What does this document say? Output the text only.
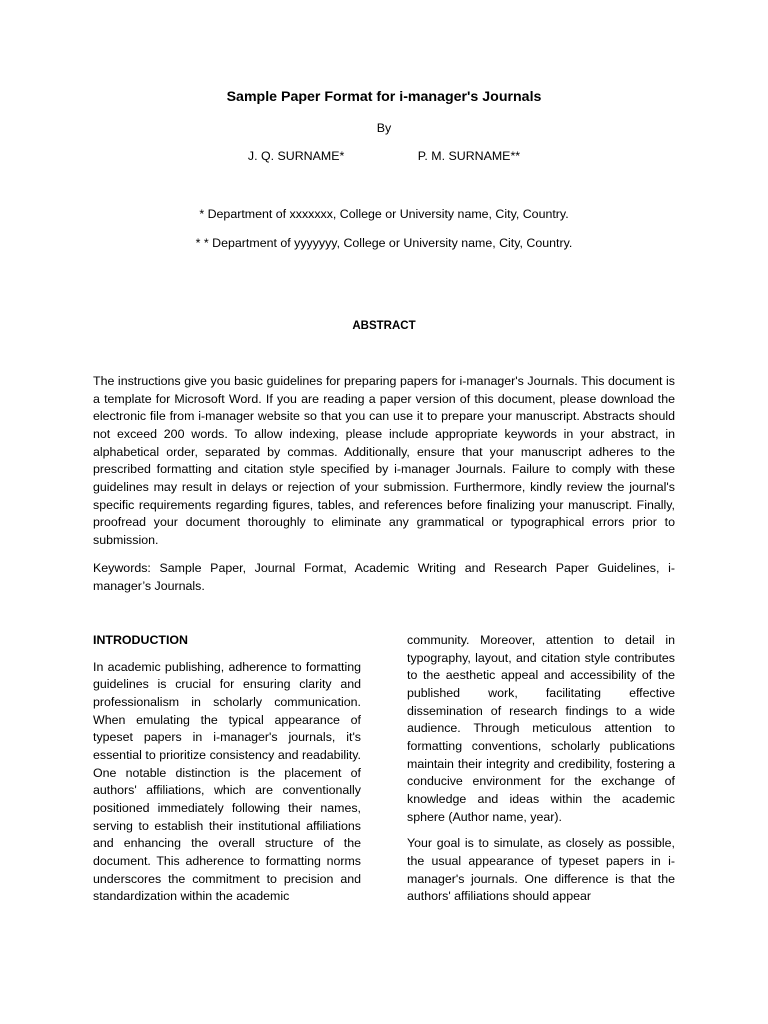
Sample Paper Format for i-manager's Journals
By
J. Q. SURNAME*	P. M. SURNAME**
* Department of xxxxxxx, College or University name, City, Country.
* * Department of yyyyyyy, College or University name, City, Country.
ABSTRACT

The instructions give you basic guidelines for preparing papers for i-manager's Journals. This document is a template for Microsoft Word. If you are reading a paper version of this document, please download the electronic file from i-manager website so that you can use it to prepare your manuscript. Abstracts should not exceed 200 words. To allow indexing, please include appropriate keywords in your abstract, in alphabetical order, separated by commas. Additionally, ensure that your manuscript adheres to the prescribed formatting and citation style specified by i-manager Journals. Failure to comply with these guidelines may result in delays or rejection of your submission. Furthermore, kindly review the journal's specific requirements regarding figures, tables, and references before finalizing your manuscript. Finally, proofread your document thoroughly to eliminate any grammatical or typographical errors prior to submission.

Keywords: Sample Paper, Journal Format, Academic Writing and Research Paper Guidelines, i-manager’s Journals.

INTRODUCTION

In academic publishing, adherence to formatting guidelines is crucial for ensuring clarity and professionalism in scholarly communication. When emulating the typical appearance of typeset papers in i-manager's journals, it's essential to prioritize consistency and readability. One notable distinction is the placement of authors' affiliations, which are conventionally positioned immediately following their names, serving to establish their institutional affiliations and enhancing the overall structure of the document. This adherence to formatting norms underscores the commitment to precision and standardization within the academic

community. Moreover, attention to detail in typography, layout, and citation style contributes to the aesthetic appeal and accessibility of the published work, facilitating effective dissemination of research findings to a wide audience. Through meticulous attention to formatting conventions, scholarly publications maintain their integrity and credibility, fostering a conducive environment for the exchange of knowledge and ideas within the academic sphere (Author name, year).

Your goal is to simulate, as closely as possible, the usual appearance of typeset papers in i-manager's journals. One difference is that the authors' affiliations should appear
